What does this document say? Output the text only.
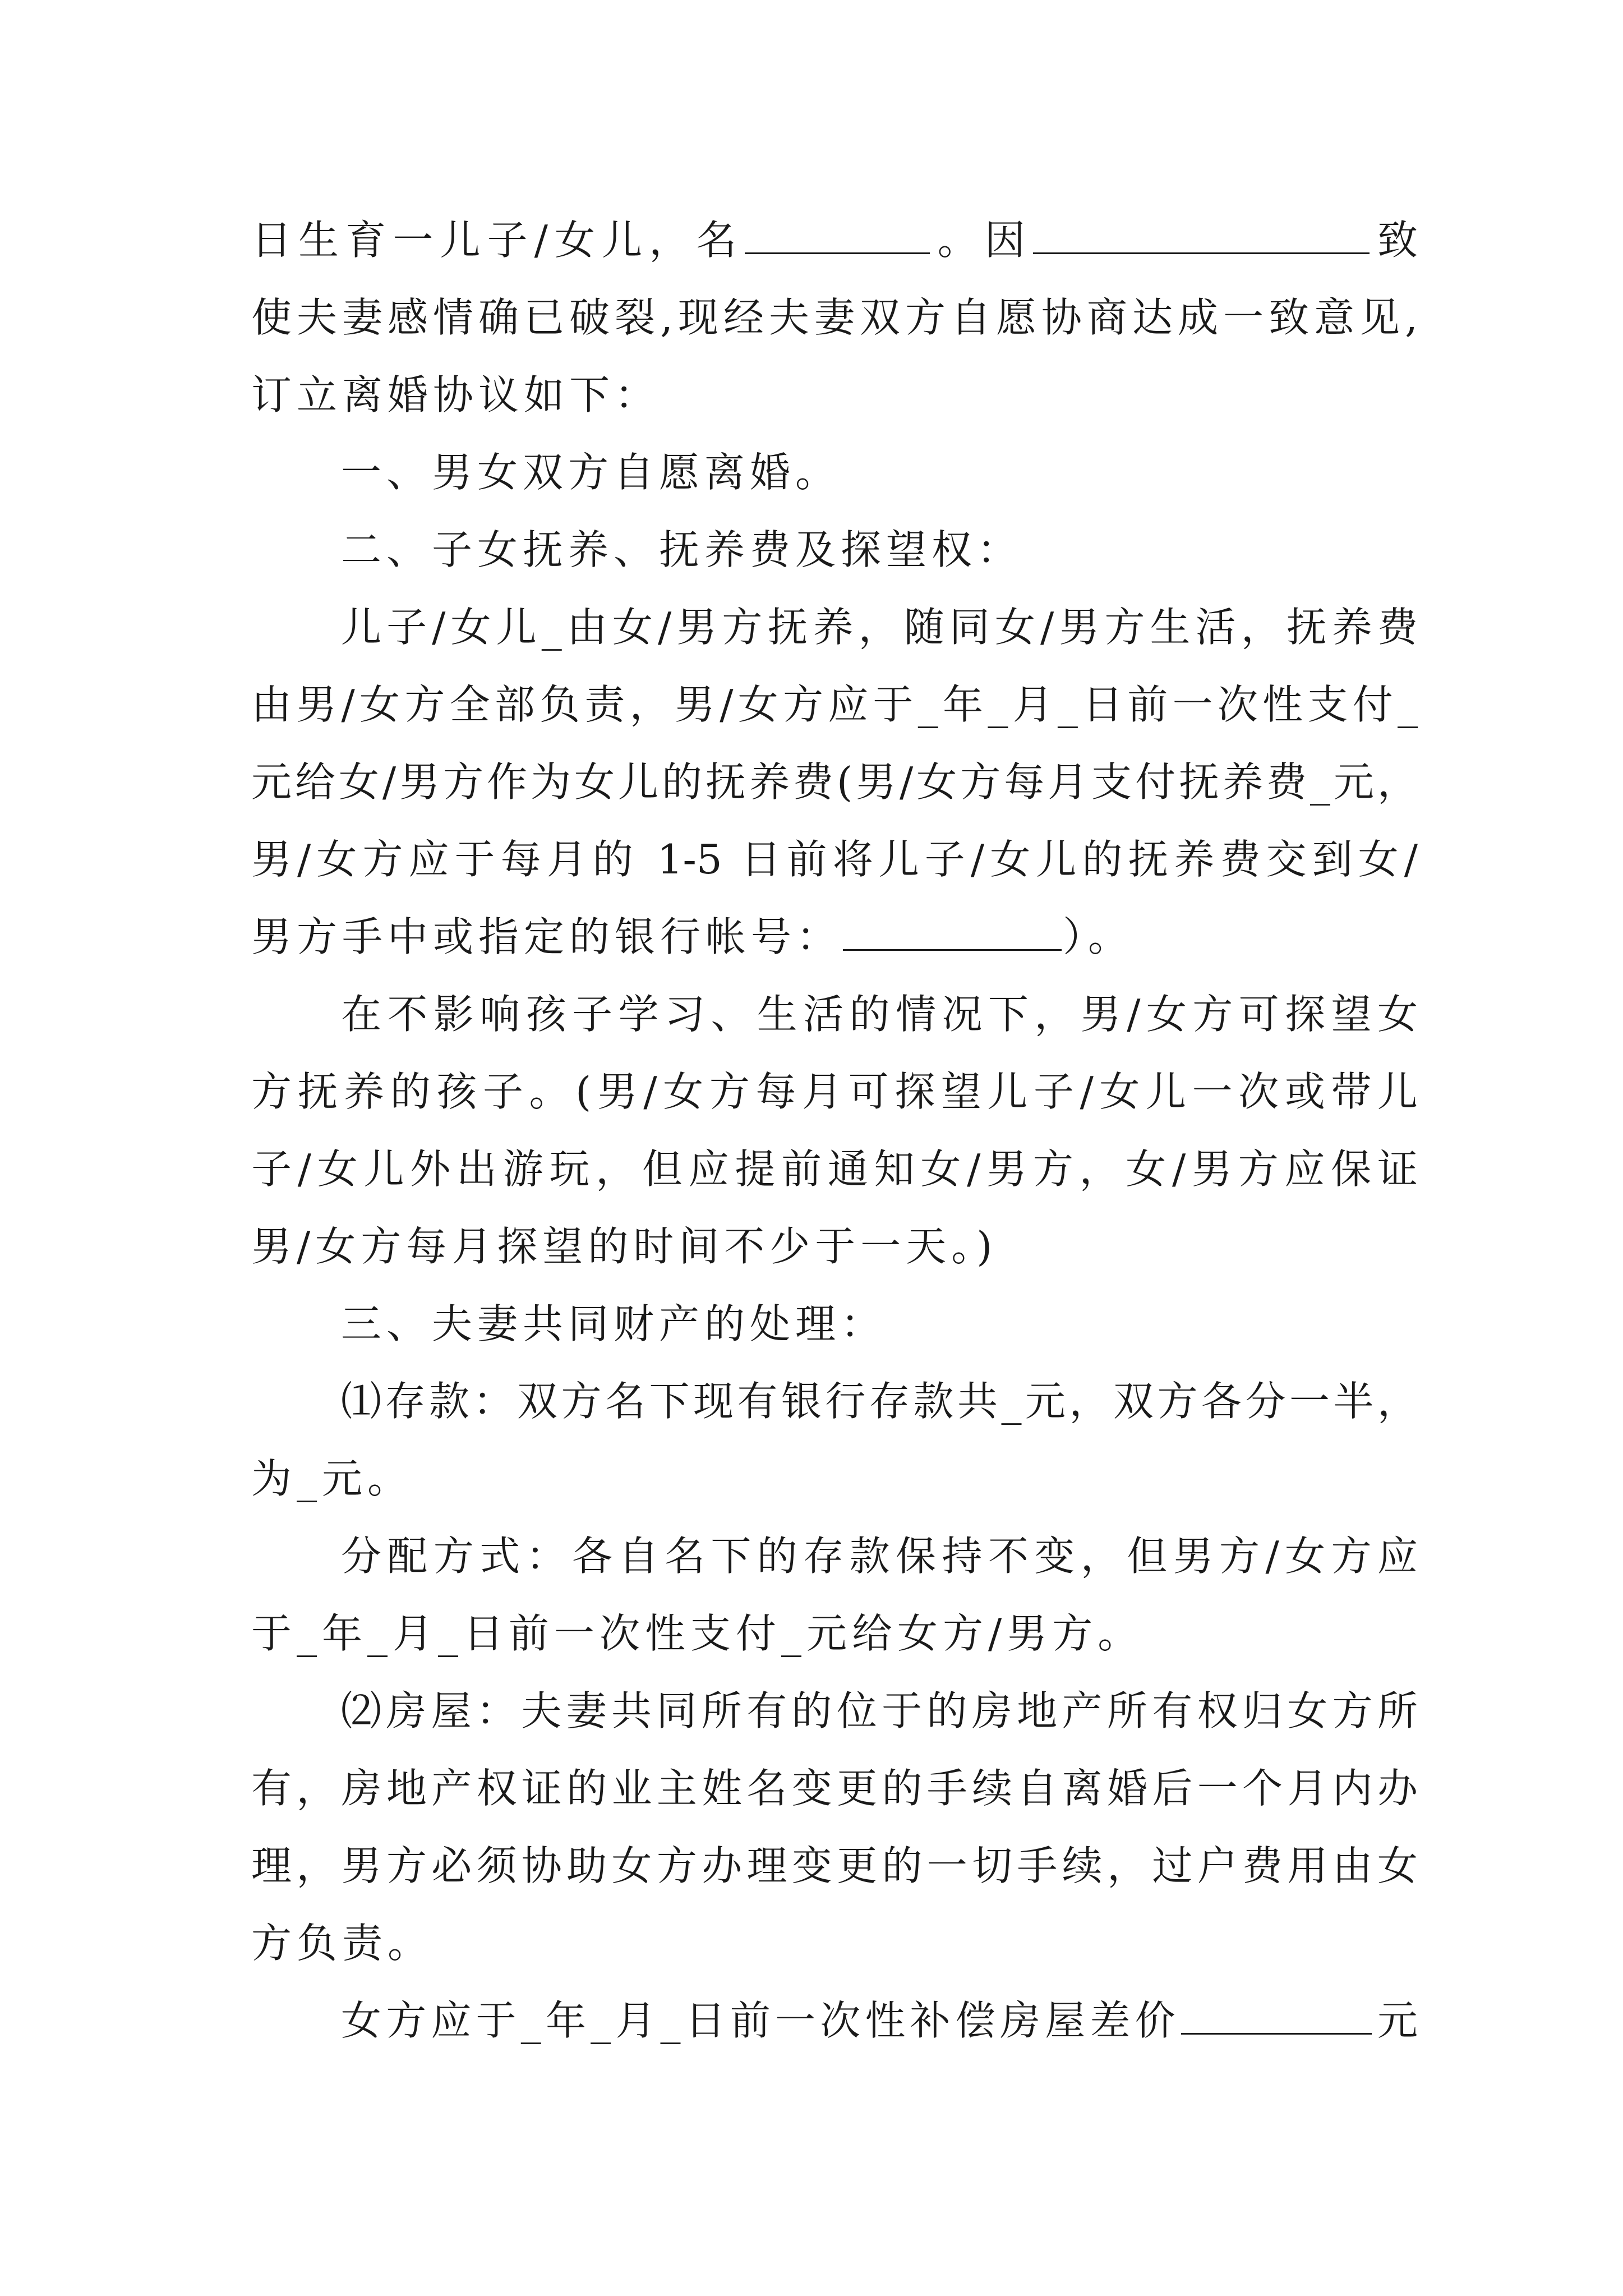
日生育一儿子/女儿，名	。因	致
使夫妻感情确已破裂,现经夫妻双方自愿协商达成一致意见,
订立离婚协议如下：
一、男女双方自愿离婚。
二、子女抚养、抚养费及探望权：
儿子/女儿_由女/男方抚养，随同女/男方生活，抚养费
由男/女方全部负责，男/女方应于_年_月_日前一次性支付_
元给女/男方作为女儿的抚养费(男/女方每月支付抚养费_元，
男/女方应于每月的 1-5 日前将儿子/女儿的抚养费交到女/
男方手中或指定的银行帐号：	）。
在不影响孩子学习、生活的情况下，男/女方可探望女
方抚养的孩子。(男/女方每月可探望儿子/女儿一次或带儿
子/女儿外出游玩，但应提前通知女/男方，女/男方应保证
男/女方每月探望的时间不少于一天。)
三、夫妻共同财产的处理：
⑴存款：双方名下现有银行存款共_元，双方各分一半，
为_元。
分配方式：各自名下的存款保持不变，但男方/女方应
于_年_月_日前一次性支付_元给女方/男方。
⑵房屋：夫妻共同所有的位于的房地产所有权归女方所
有，房地产权证的业主姓名变更的手续自离婚后一个月内办
理，男方必须协助女方办理变更的一切手续，过户费用由女
方负责。
女方应于_年_月_日前一次性补偿房屋差价	元
